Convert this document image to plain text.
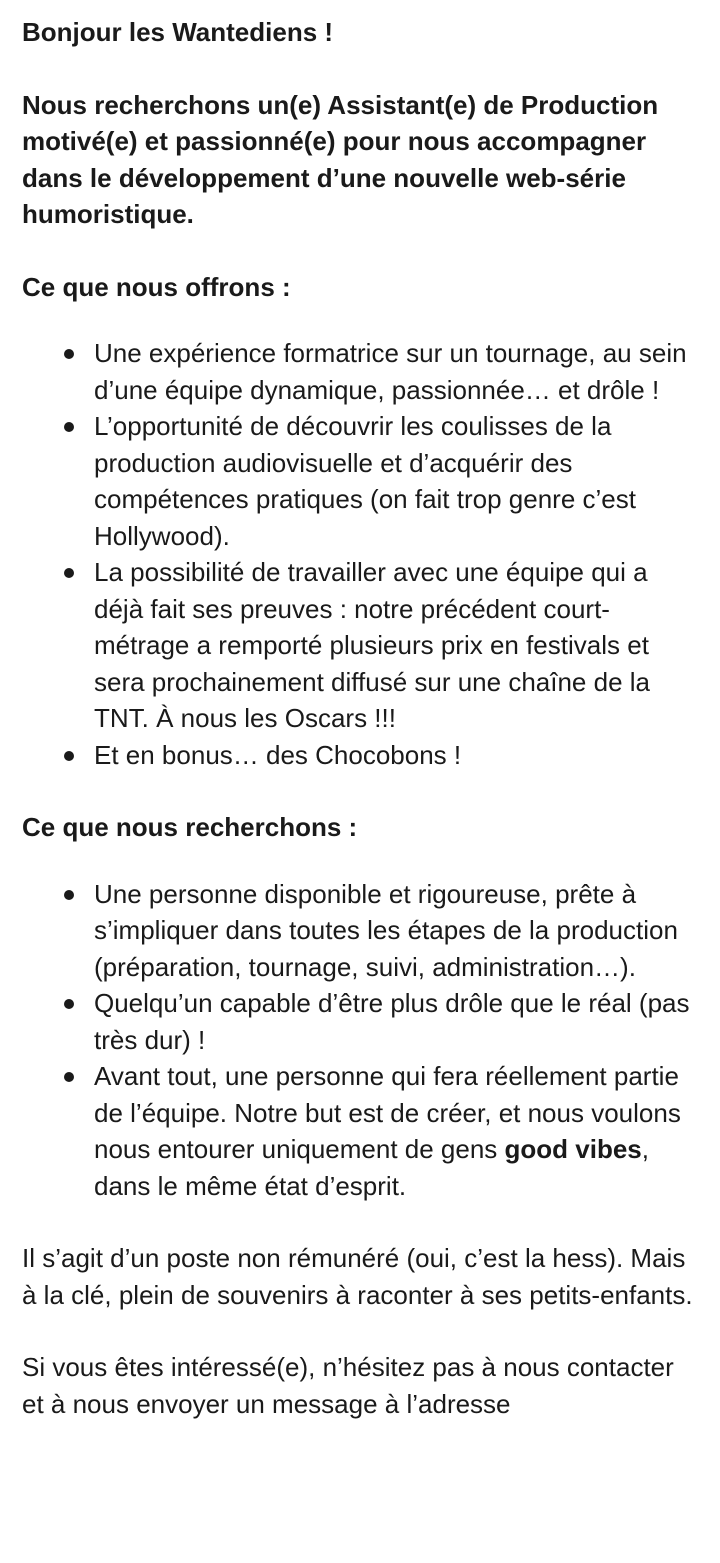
Bonjour les Wantediens !

Nous recherchons un(e) Assistant(e) de Production motivé(e) et passionné(e) pour nous accompagner dans le développement d’une nouvelle web-série humoristique.

Ce que nous offrons :

Une expérience formatrice sur un tournage, au sein d’une équipe dynamique, passionnée… et drôle !
L’opportunité de découvrir les coulisses de la production audiovisuelle et d’acquérir des compétences pratiques (on fait trop genre c’est Hollywood).
La possibilité de travailler avec une équipe qui a déjà fait ses preuves : notre précédent court-métrage a remporté plusieurs prix en festivals et sera prochainement diffusé sur une chaîne de la TNT. À nous les Oscars !!!
Et en bonus… des Chocobons !

Ce que nous recherchons :

Une personne disponible et rigoureuse, prête à s’impliquer dans toutes les étapes de la production (préparation, tournage, suivi, administration…).
Quelqu’un capable d’être plus drôle que le réal (pas très dur) !
Avant tout, une personne qui fera réellement partie de l’équipe. Notre but est de créer, et nous voulons nous entourer uniquement de gens good vibes, dans le même état d’esprit.

Il s’agit d’un poste non rémunéré (oui, c’est la hess). Mais à la clé, plein de souvenirs à raconter à ses petits-enfants.

Si vous êtes intéressé(e), n’hésitez pas à nous contacter et à nous envoyer un message à l’adresse
